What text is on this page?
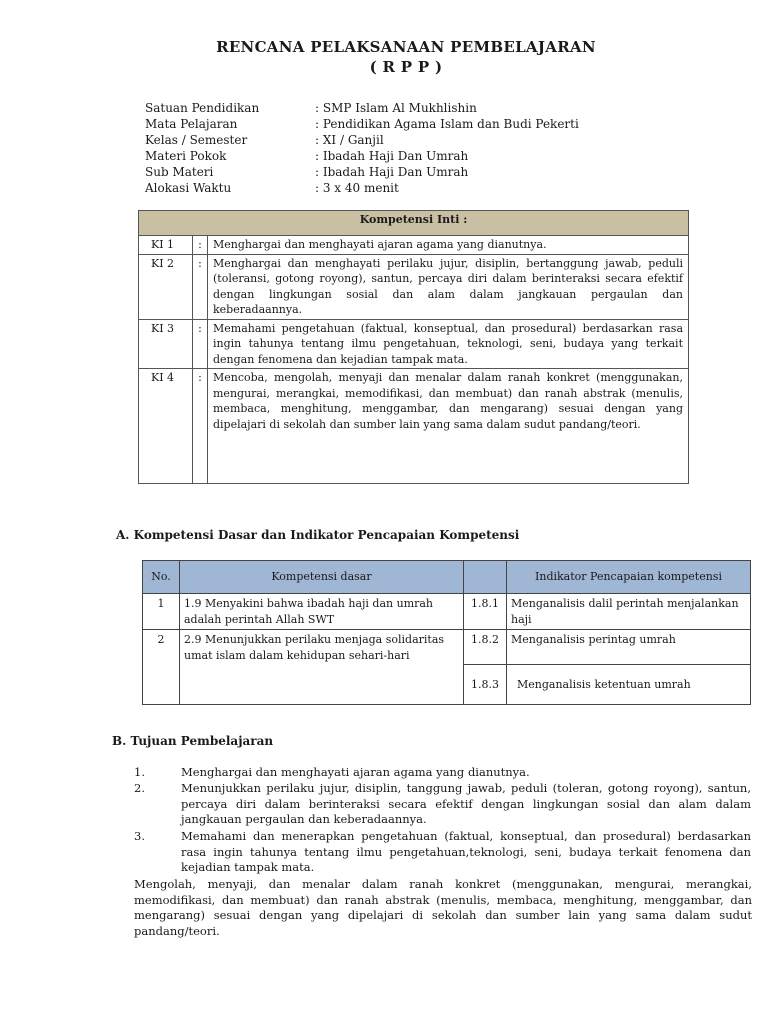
RENCANA PELAKSANAAN PEMBELAJARAN
( R P P )
Satuan Pendidikan	: SMP Islam Al Mukhlishin
Mata Pelajaran	: Pendidikan Agama Islam dan Budi Pekerti
Kelas / Semester	: XI / Ganjil
Materi Pokok	: Ibadah Haji Dan Umrah
Sub Materi	: Ibadah Haji Dan Umrah
Alokasi Waktu	: 3 x 40 menit
Kompetensi Inti :		
KI 1	:	Menghargai dan menghayati ajaran agama yang dianutnya.
KI 2	:	Menghargai dan menghayati perilaku jujur, disiplin, bertanggung jawab, peduli (toleransi, gotong royong), santun, percaya diri dalam berinteraksi secara efektif dengan lingkungan sosial dan alam dalam jangkauan pergaulan dan keberadaannya.
KI 3	:	Memahami pengetahuan (faktual, konseptual, dan prosedural) berdasarkan rasa ingin tahunya tentang ilmu pengetahuan, teknologi, seni, budaya yang terkait dengan fenomena dan kejadian tampak mata.
KI 4	:	Mencoba, mengolah, menyaji dan menalar dalam ranah konkret (menggunakan, mengurai, merangkai, memodifikasi, dan membuat) dan ranah abstrak (menulis, membaca, menghitung, menggambar, dan mengarang) sesuai dengan yang dipelajari di sekolah dan sumber lain yang sama dalam sudut pandang/teori.
A. Kompetensi Dasar dan Indikator Pencapaian Kompetensi
No.	Kompetensi dasar		Indikator Pencapaian kompetensi
1	1.9 Menyakini bahwa ibadah haji dan umrah adalah perintah Allah SWT	1.8.1	Menganalisis dalil perintah menjalankan haji
2	2.9 Menunjukkan perilaku menjaga solidaritas umat islam dalam kehidupan sehari-hari	1.8.2	Menganalisis perintag umrah
		1.8.3	Menganalisis ketentuan umrah
B. Tujuan Pembelajaran
1.	Menghargai dan menghayati ajaran agama yang dianutnya.
2.	Menunjukkan perilaku jujur, disiplin, tanggung jawab, peduli (toleran, gotong royong), santun, percaya diri dalam berinteraksi secara efektif dengan lingkungan sosial dan alam dalam jangkauan pergaulan dan keberadaannya.
3.	Memahami dan menerapkan pengetahuan (faktual, konseptual, dan prosedural) berdasarkan rasa ingin tahunya tentang ilmu pengetahuan,teknologi, seni, budaya terkait fenomena dan kejadian tampak mata.
Mengolah, menyaji, dan menalar dalam ranah konkret (menggunakan, mengurai, merangkai, memodifikasi, dan membuat) dan ranah abstrak (menulis, membaca, menghitung, menggambar, dan mengarang) sesuai dengan yang dipelajari di sekolah dan sumber lain yang sama dalam sudut pandang/teori.
